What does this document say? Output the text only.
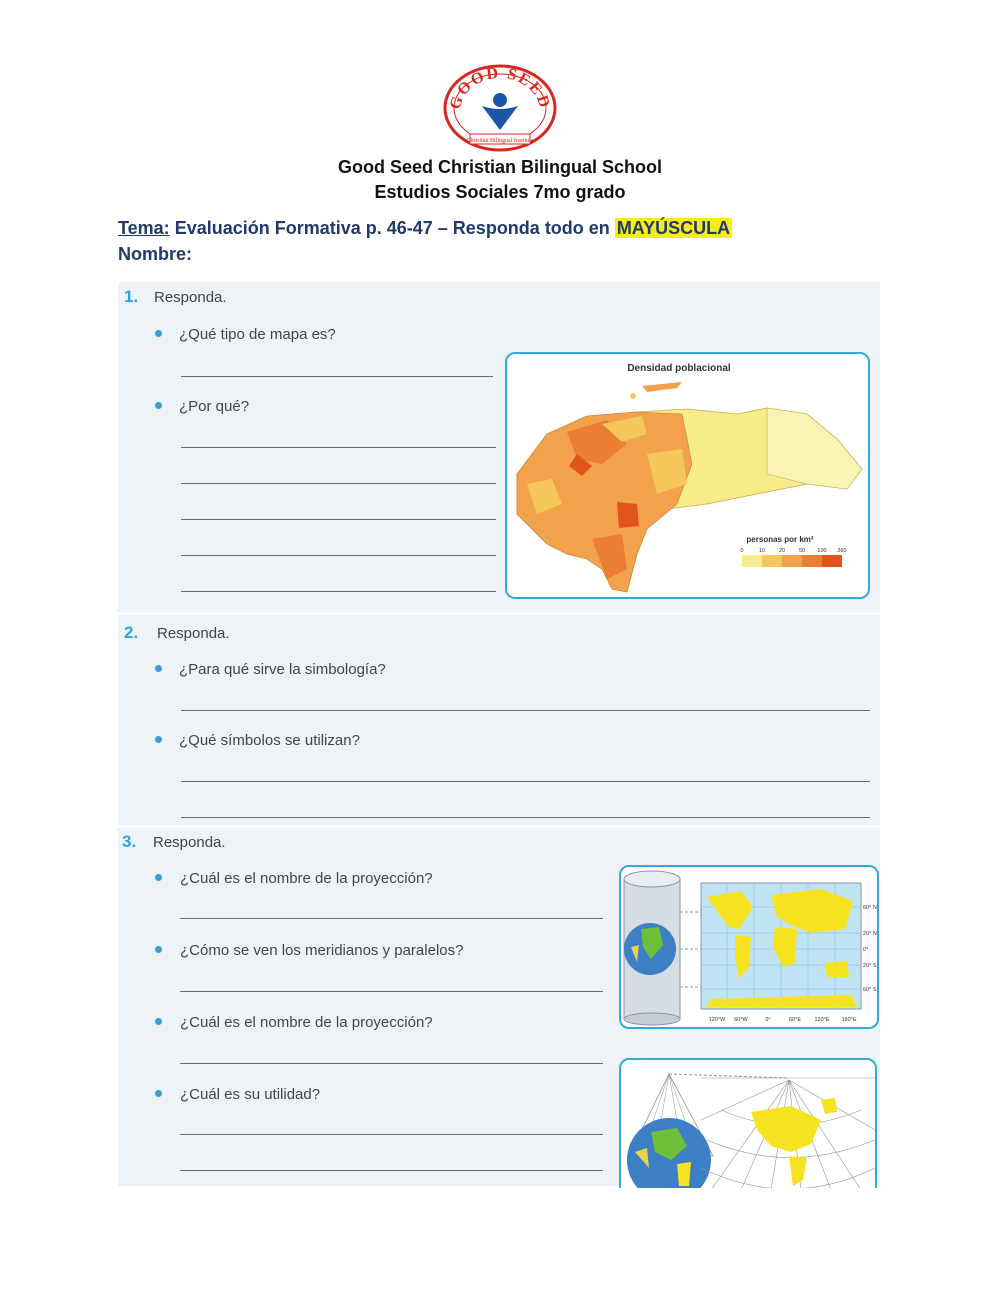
GOOD SEED
Christian Bilingual Institute
Good Seed Christian Bilingual School
Estudios Sociales 7mo grado
Tema: Evaluación Formativa p. 46-47 – Responda todo en MAYÚSCULA
Nombre:
1. Responda.
¿Qué tipo de mapa es?
¿Por qué?
Densidad poblacional
personas por km²
0	10	20	50 100 260
2. Responda.
¿Para qué sirve la simbología?
¿Qué símbolos se utilizan?
3. Responda.
¿Cuál es el nombre de la proyección?
¿Cómo se ven los meridianos y paralelos?
¿Cuál es el nombre de la proyección?
¿Cuál es su utilidad?
120°W 60°W	0°	60°E 120°E 180°E
60° N
20° N
0°
20° S
60° S
